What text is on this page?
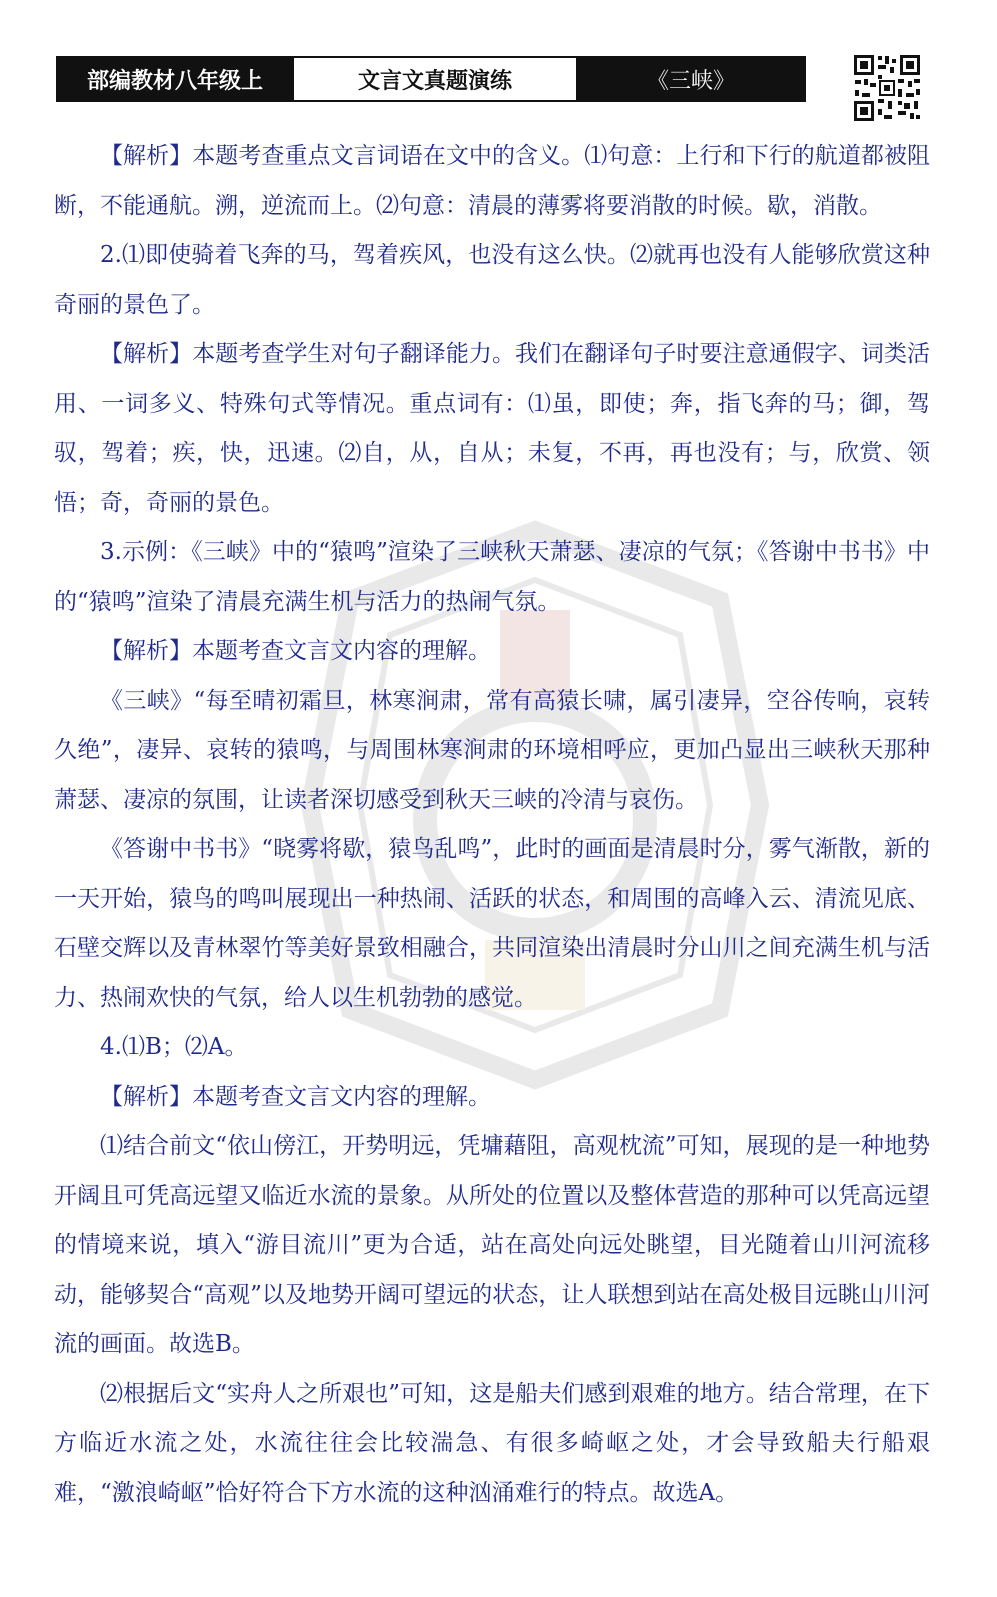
部编教材八年级上	文言文真题演练	《三峡》

【解析】本题考查重点文言词语在文中的含义。⑴句意：上行和下行的航道都被阻断，不能通航。溯，逆流而上。⑵句意：清晨的薄雾将要消散的时候。歇，消散。

2.⑴即使骑着飞奔的马，驾着疾风，也没有这么快。⑵就再也没有人能够欣赏这种奇丽的景色了。

【解析】本题考查学生对句子翻译能力。我们在翻译句子时要注意通假字、词类活用、一词多义、特殊句式等情况。重点词有：⑴虽，即使；奔，指飞奔的马；御，驾驭，驾着；疾，快，迅速。⑵自，从，自从；未复，不再，再也没有；与，欣赏、领悟；奇，奇丽的景色。

3.示例：《三峡》中的“猿鸣”渲染了三峡秋天萧瑟、凄凉的气氛；《答谢中书书》中的“猿鸣”渲染了清晨充满生机与活力的热闹气氛。

【解析】本题考查文言文内容的理解。

《三峡》“每至晴初霜旦，林寒涧肃，常有高猿长啸，属引凄异，空谷传响，哀转久绝”，凄异、哀转的猿鸣，与周围林寒涧肃的环境相呼应，更加凸显出三峡秋天那种萧瑟、凄凉的氛围，让读者深切感受到秋天三峡的冷清与哀伤。

《答谢中书书》“晓雾将歇，猿鸟乱鸣”，此时的画面是清晨时分，雾气渐散，新的一天开始，猿鸟的鸣叫展现出一种热闹、活跃的状态，和周围的高峰入云、清流见底、石壁交辉以及青林翠竹等美好景致相融合，共同渲染出清晨时分山川之间充满生机与活力、热闹欢快的气氛，给人以生机勃勃的感觉。

4.⑴B；⑵A。

【解析】本题考查文言文内容的理解。

⑴结合前文“依山傍江，开势明远，凭墉藉阻，高观枕流”可知，展现的是一种地势开阔且可凭高远望又临近水流的景象。从所处的位置以及整体营造的那种可以凭高远望的情境来说，填入“游目流川”更为合适，站在高处向远处眺望，目光随着山川河流移动，能够契合“高观”以及地势开阔可望远的状态，让人联想到站在高处极目远眺山川河流的画面。故选B。

⑵根据后文“实舟人之所艰也”可知，这是船夫们感到艰难的地方。结合常理，在下方临近水流之处，水流往往会比较湍急、有很多崎岖之处，才会导致船夫行船艰难，“激浪崎岖”恰好符合下方水流的这种汹涌难行的特点。故选A。
